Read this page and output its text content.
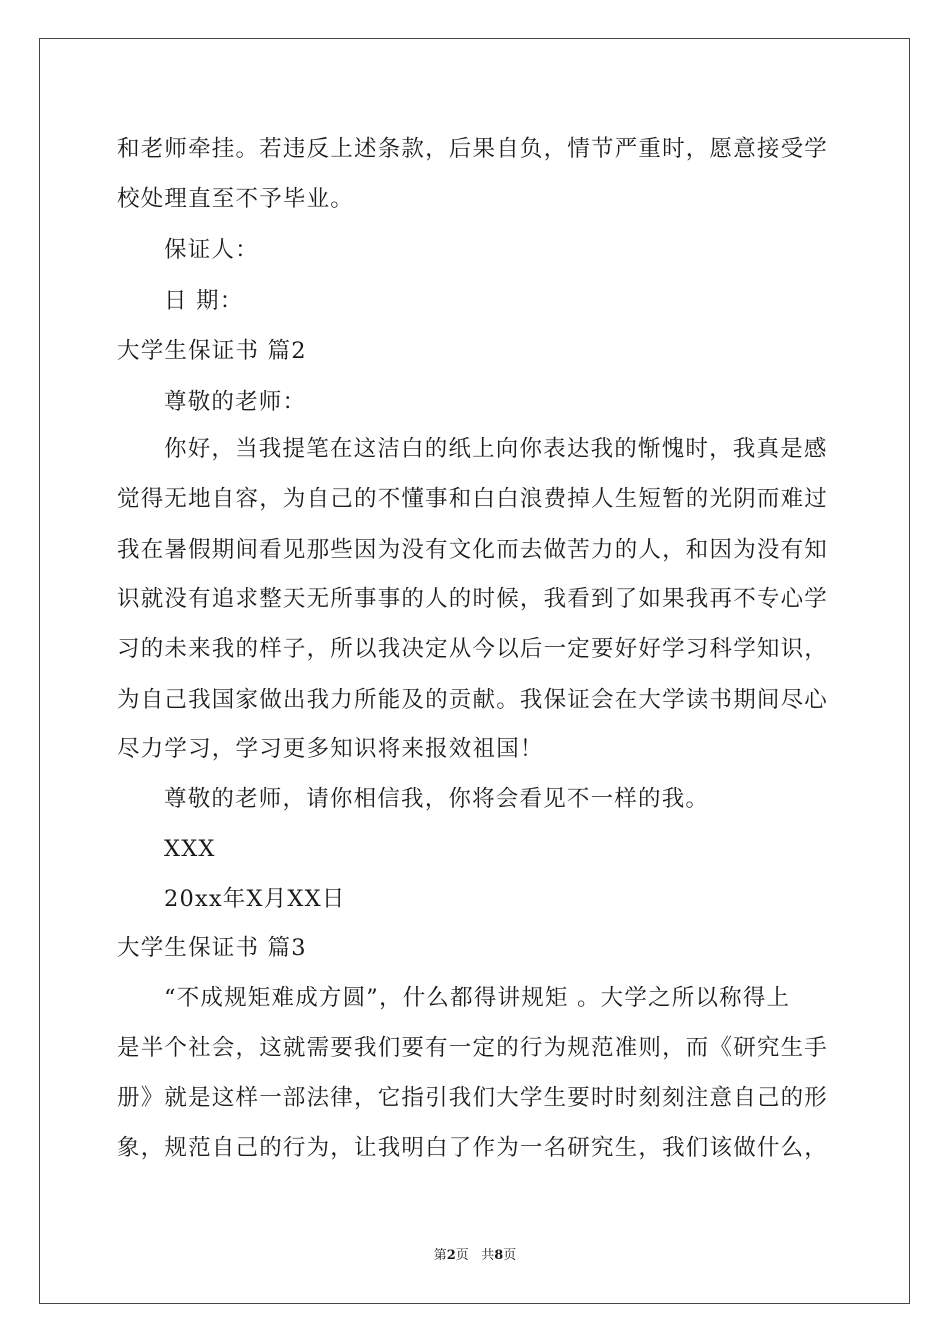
和老师牵挂。若违反上述条款，后果自负，情节严重时，愿意接受学
校处理直至不予毕业。
保证人：
日 期：
大学生保证书 篇2
尊敬的老师：
你好，当我提笔在这洁白的纸上向你表达我的惭愧时，我真是感
觉得无地自容，为自己的不懂事和白白浪费掉人生短暂的光阴而难过
我在暑假期间看见那些因为没有文化而去做苦力的人，和因为没有知
识就没有追求整天无所事事的人的时候，我看到了如果我再不专心学
习的未来我的样子，所以我决定从今以后一定要好好学习科学知识，
为自己我国家做出我力所能及的贡献。我保证会在大学读书期间尽心
尽力学习，学习更多知识将来报效祖国！
尊敬的老师，请你相信我，你将会看见不一样的我。
XXX
20xx年X月XX日
大学生保证书 篇3
“不成规矩难成方圆”，什么都得讲规矩 。大学之所以称得上
是半个社会，这就需要我们要有一定的行为规范准则，而《研究生手
册》就是这样一部法律，它指引我们大学生要时时刻刻注意自己的形
象，规范自己的行为，让我明白了作为一名研究生，我们该做什么，
第2页 共8页
